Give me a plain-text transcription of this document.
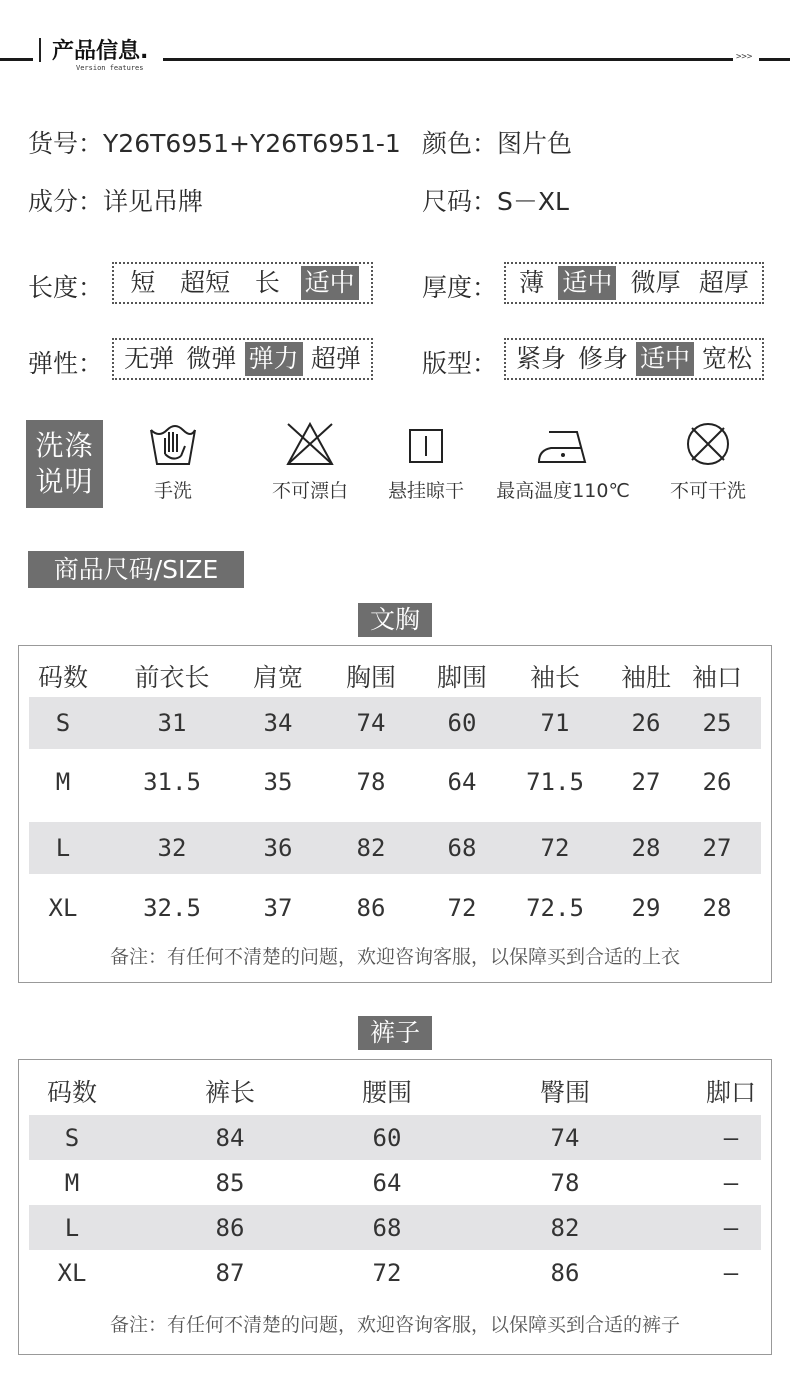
产品信息.
Version features
>>>
货号：Y26T6951+Y26T6951-1 颜色：图片色
成分：详见吊牌	尺码：S－XL
长度： 短 超短 长 适中	厚度： 薄 适中 微厚 超厚
弹性： 无弹 微弹 弹力 超弹 版型： 紧身 修身 适中 宽松
洗涤
说明	手洗	不可漂白	悬挂晾干	最高温度110℃	不可干洗
商品尺码/SIZE
文胸
码数	前衣长	肩宽	胸围	脚围	袖长	袖肚 袖口
S	31	34	74	60	71	26	25
M	31.5	35	78	64	71.5	27	26
L	32	36	82	68	72	28	27
XL	32.5	37	86	72	72.5	29	28
备注：有任何不清楚的问题，欢迎咨询客服，以保障买到合适的上衣
裤子
码数	裤长	腰围	臀围	脚口
S	84	60	74	–
M	85	64	78	–
L	86	68	82	–
XL	87	72	86	–
备注：有任何不清楚的问题，欢迎咨询客服，以保障买到合适的裤子
